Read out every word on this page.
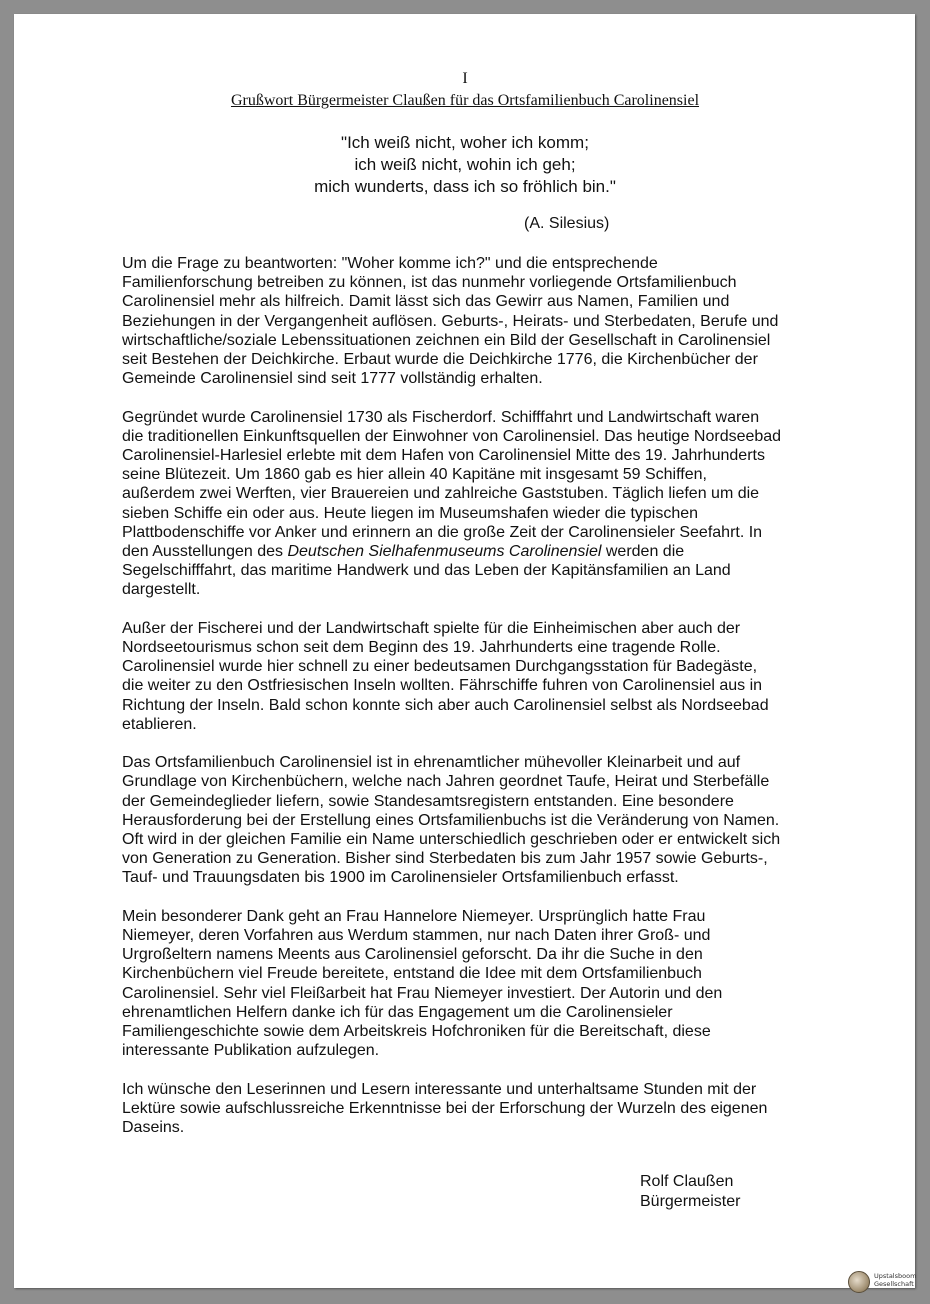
I
Grußwort Bürgermeister Claußen für das Ortsfamilienbuch Carolinensiel
"Ich weiß nicht, woher ich komm;
ich weiß nicht, wohin ich geh;
mich wunderts, dass ich so fröhlich bin."
(A. Silesius)
Um die Frage zu beantworten: "Woher komme ich?" und die entsprechende
Familienforschung betreiben zu können, ist das nunmehr vorliegende Ortsfamilienbuch
Carolinensiel mehr als hilfreich. Damit lässt sich das Gewirr aus Namen, Familien und
Beziehungen in der Vergangenheit auflösen. Geburts-, Heirats- und Sterbedaten, Berufe und
wirtschaftliche/soziale Lebenssituationen zeichnen ein Bild der Gesellschaft in Carolinensiel
seit Bestehen der Deichkirche. Erbaut wurde die Deichkirche 1776, die Kirchenbücher der
Gemeinde Carolinensiel sind seit 1777 vollständig erhalten.
Gegründet wurde Carolinensiel 1730 als Fischerdorf. Schifffahrt und Landwirtschaft waren
die traditionellen Einkunftsquellen der Einwohner von Carolinensiel. Das heutige Nordseebad
Carolinensiel-Harlesiel erlebte mit dem Hafen von Carolinensiel Mitte des 19. Jahrhunderts
seine Blütezeit. Um 1860 gab es hier allein 40 Kapitäne mit insgesamt 59 Schiffen,
außerdem zwei Werften, vier Brauereien und zahlreiche Gaststuben. Täglich liefen um die
sieben Schiffe ein oder aus. Heute liegen im Museumshafen wieder die typischen
Plattbodenschiffe vor Anker und erinnern an die große Zeit der Carolinensieler Seefahrt. In
den Ausstellungen des Deutschen Sielhafenmuseums Carolinensiel werden die
Segelschifffahrt, das maritime Handwerk und das Leben der Kapitänsfamilien an Land
dargestellt.
Außer der Fischerei und der Landwirtschaft spielte für die Einheimischen aber auch der
Nordseetourismus schon seit dem Beginn des 19. Jahrhunderts eine tragende Rolle.
Carolinensiel wurde hier schnell zu einer bedeutsamen Durchgangsstation für Badegäste,
die weiter zu den Ostfriesischen Inseln wollten. Fährschiffe fuhren von Carolinensiel aus in
Richtung der Inseln. Bald schon konnte sich aber auch Carolinensiel selbst als Nordseebad
etablieren.
Das Ortsfamilienbuch Carolinensiel ist in ehrenamtlicher mühevoller Kleinarbeit und auf
Grundlage von Kirchenbüchern, welche nach Jahren geordnet Taufe, Heirat und Sterbefälle
der Gemeindeglieder liefern, sowie Standesamtsregistern entstanden. Eine besondere
Herausforderung bei der Erstellung eines Ortsfamilienbuchs ist die Veränderung von Namen.
Oft wird in der gleichen Familie ein Name unterschiedlich geschrieben oder er entwickelt sich
von Generation zu Generation. Bisher sind Sterbedaten bis zum Jahr 1957 sowie Geburts-,
Tauf- und Trauungsdaten bis 1900 im Carolinensieler Ortsfamilienbuch erfasst.
Mein besonderer Dank geht an Frau Hannelore Niemeyer. Ursprünglich hatte Frau
Niemeyer, deren Vorfahren aus Werdum stammen, nur nach Daten ihrer Groß- und
Urgroßeltern namens Meents aus Carolinensiel geforscht. Da ihr die Suche in den
Kirchenbüchern viel Freude bereitete, entstand die Idee mit dem Ortsfamilienbuch
Carolinensiel. Sehr viel Fleißarbeit hat Frau Niemeyer investiert. Der Autorin und den
ehrenamtlichen Helfern danke ich für das Engagement um die Carolinensieler
Familiengeschichte sowie dem Arbeitskreis Hofchroniken für die Bereitschaft, diese
interessante Publikation aufzulegen.
Ich wünsche den Leserinnen und Lesern interessante und unterhaltsame Stunden mit der
Lektüre sowie aufschlussreiche Erkenntnisse bei der Erforschung der Wurzeln des eigenen
Daseins.
Rolf Claußen
Bürgermeister
Upstalsboom
Gesellschaft
